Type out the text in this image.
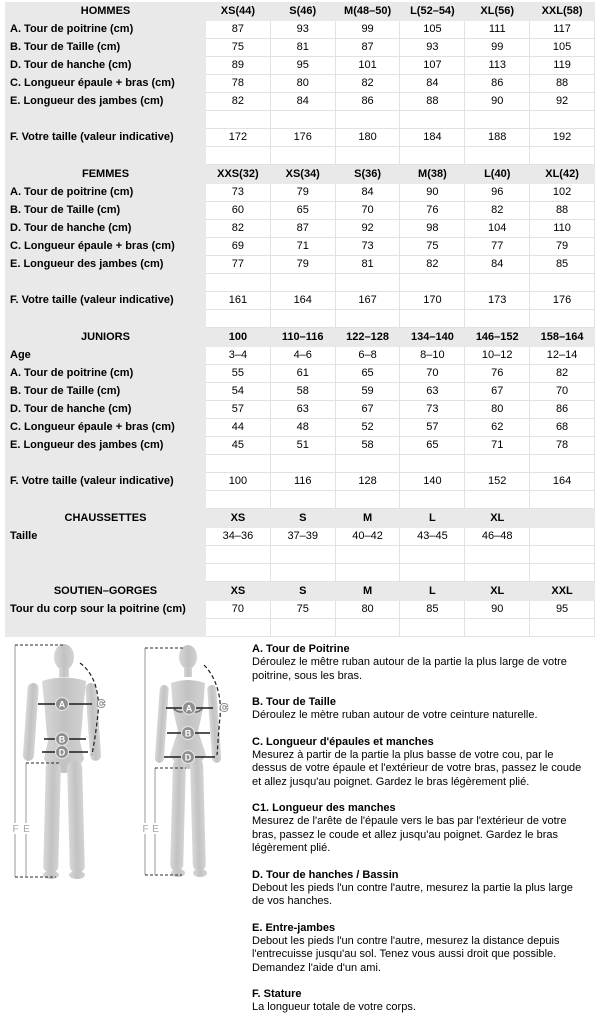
HOMMES	XS(44)	S(46)	M(48–50)	L(52–54)	XL(56)	XXL(58)
A. Tour de poitrine (cm)	87	93	99	105	111	117
B. Tour de Taille (cm)	75	81	87	93	99	105
D. Tour de hanche (cm)	89	95	101	107	113	119
C. Longueur épaule + bras (cm)	78	80	82	84	86	88
E. Longueur des jambes (cm)	82	84	86	88	90	92

F. Votre taille (valeur indicative)	172	176	180	184	188	192

FEMMES	XXS(32)	XS(34)	S(36)	M(38)	L(40)	XL(42)
A. Tour de poitrine (cm)	73	79	84	90	96	102
B. Tour de Taille (cm)	60	65	70	76	82	88
D. Tour de hanche (cm)	82	87	92	98	104	110
C. Longueur épaule + bras (cm)	69	71	73	75	77	79
E. Longueur des jambes (cm)	77	79	81	82	84	85

F. Votre taille (valeur indicative)	161	164	167	170	173	176

JUNIORS	100	110–116	122–128	134–140	146–152	158–164
Age	3–4	4–6	6–8	8–10	10–12	12–14
A. Tour de poitrine (cm)	55	61	65	70	76	82
B. Tour de Taille (cm)	54	58	59	63	67	70
D. Tour de hanche (cm)	57	63	67	73	80	86
C. Longueur épaule + bras (cm)	44	48	52	57	62	68
E. Longueur des jambes (cm)	45	51	58	65	71	78

F. Votre taille (valeur indicative)	100	116	128	140	152	164

CHAUSSETTES	XS	S	M	L	XL	
Taille	34–36	37–39	40–42	43–45	46–48	

SOUTIEN–GORGES	XS	S	M	L	XL	XXL
Tour du corp sour la poitrine (cm)	70	75	80	85	90	95

A
B
D
C
F E
A
B
D
C
F E
A. Tour de Poitrine

Déroulez le mêtre ruban autour de la partie la plus large de votre poitrine, sous les bras.

B. Tour de Taille

Déroulez le mètre ruban autour de votre ceinture naturelle.

C. Longueur d'épaules et manches

Mesurez à partir de la partie la plus basse de votre cou, par le dessus de votre épaule et l'extérieur de votre bras, passez le coude et allez jusqu'au poignet. Gardez le bras légèrement plié.

C1. Longueur des manches

Mesurez de l'arête de l'épaule vers le bas par l'extérieur de votre bras, passez le coude et allez jusqu'au poignet. Gardez le bras légèrement plié.

D. Tour de hanches / Bassin

Debout les pieds l'un contre l'autre, mesurez la partie la plus large de vos hanches.

E. Entre-jambes

Debout les pieds l'un contre l'autre, mesurez la distance depuis l'entrecuisse jusqu'au sol. Tenez vous aussi droit que possible. Demandez l'aide d'un ami.

F. Stature

La longueur totale de votre corps.
